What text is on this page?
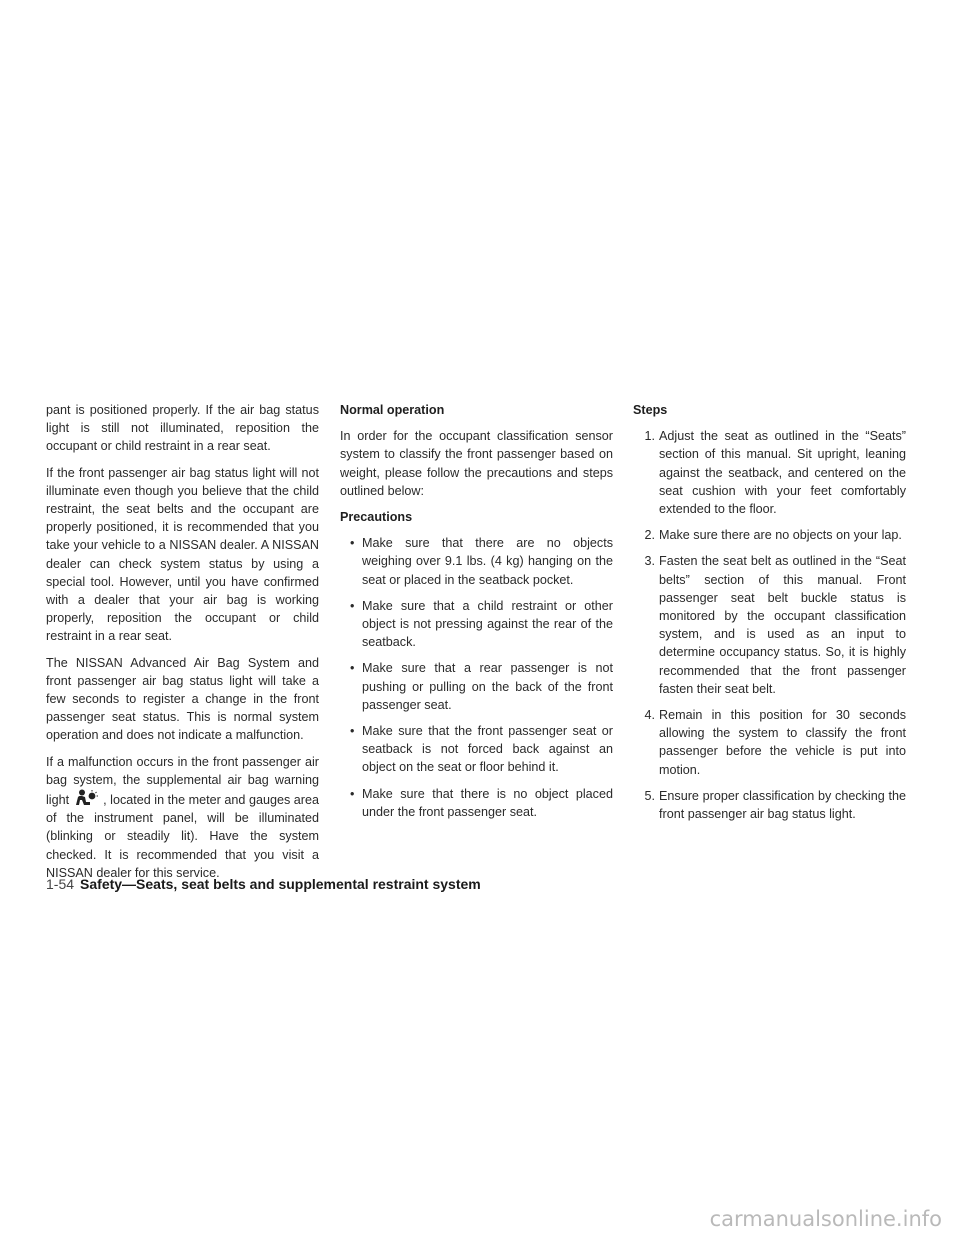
pant is positioned properly. If the air bag status light is still not illuminated, reposition the occupant or child restraint in a rear seat.

If the front passenger air bag status light will not illuminate even though you believe that the child restraint, the seat belts and the occupant are properly positioned, it is recommended that you take your vehicle to a NISSAN dealer. A NISSAN dealer can check system status by using a special tool. However, until you have confirmed with a dealer that your air bag is working properly, reposition the occupant or child restraint in a rear seat.

The NISSAN Advanced Air Bag System and front passenger air bag status light will take a few seconds to register a change in the front passenger seat status. This is normal system operation and does not indicate a malfunction.

If a malfunction occurs in the front passenger air bag system, the supplemental air bag warning light	, located in the meter and gauges area of the instrument panel, will be illuminated (blinking or steadily lit). Have the system checked. It is recommended that you visit a NISSAN dealer for this service.

Normal operation

In order for the occupant classification sensor system to classify the front passenger based on weight, please follow the precautions and steps outlined below:

Precautions
• Make sure that there are no objects weighing over 9.1 lbs. (4 kg) hanging on the seat or placed in the seatback pocket.
• Make sure that a child restraint or other object is not pressing against the rear of the seatback.
• Make sure that a rear passenger is not pushing or pulling on the back of the front passenger seat.
• Make sure that the front passenger seat or seatback is not forced back against an object on the seat or floor behind it.
• Make sure that there is no object placed under the front passenger seat.
Steps
1. Adjust the seat as outlined in the “Seats” section of this manual. Sit upright, leaning against the seatback, and centered on the seat cushion with your feet comfortably extended to the floor.
2. Make sure there are no objects on your lap.
3. Fasten the seat belt as outlined in the “Seat belts” section of this manual. Front passenger seat belt buckle status is monitored by the occupant classification system, and is used as an input to determine occupancy status. So, it is highly recommended that the front passenger fasten their seat belt.
4. Remain in this position for 30 seconds allowing the system to classify the front passenger before the vehicle is put into motion.
5. Ensure proper classification by checking the front passenger air bag status light.
1-54 Safety—Seats, seat belts and supplemental restraint system
carmanualsonline.info
